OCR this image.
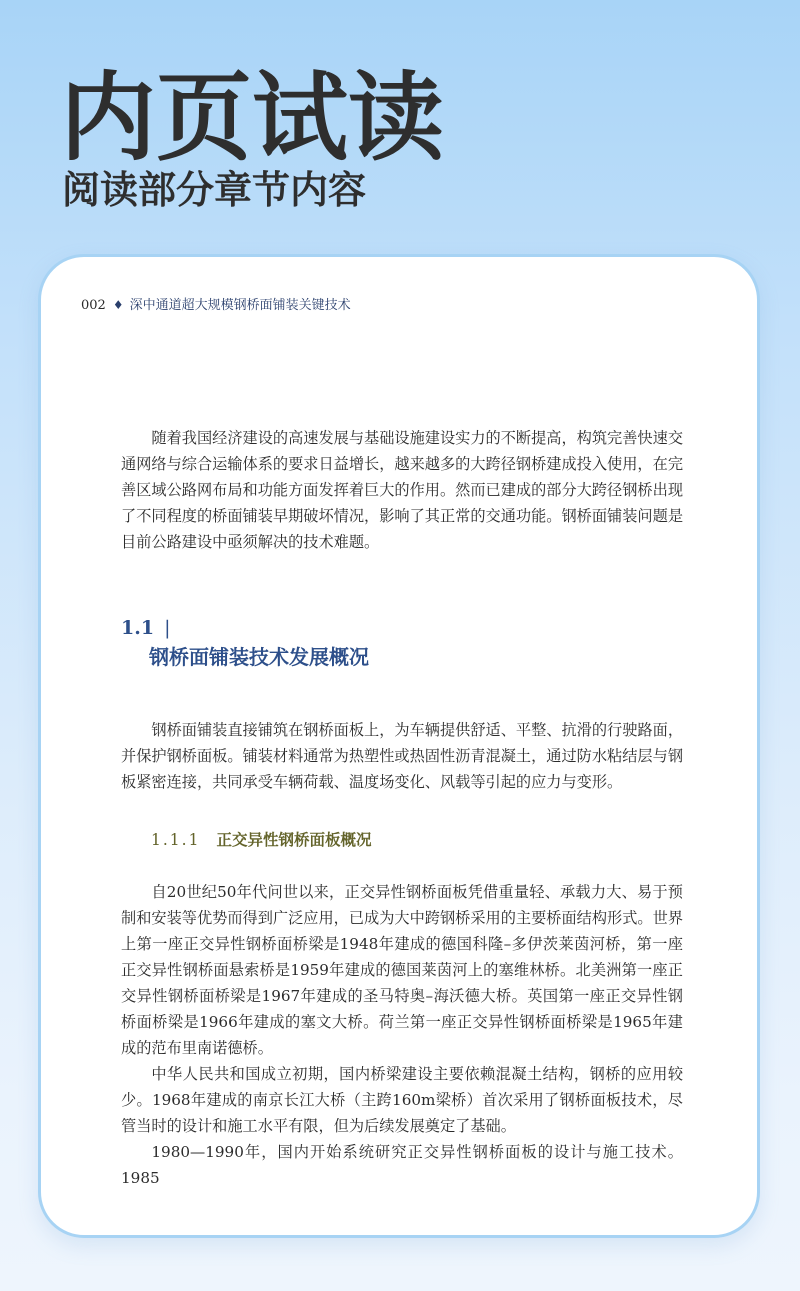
内页试读
阅读部分章节内容
002 ♦ 深中通道超大规模钢桥面铺装关键技术

随着我国经济建设的高速发展与基础设施建设实力的不断提高，构筑完善快速交通网络与综合运输体系的要求日益增长，越来越多的大跨径钢桥建成投入使用，在完善区域公路网布局和功能方面发挥着巨大的作用。然而已建成的部分大跨径钢桥出现了不同程度的桥面铺装早期破坏情况，影响了其正常的交通功能。钢桥面铺装问题是目前公路建设中亟须解决的技术难题。

1.1 |
钢桥面铺装技术发展概况

钢桥面铺装直接铺筑在钢桥面板上，为车辆提供舒适、平整、抗滑的行驶路面，并保护钢桥面板。铺装材料通常为热塑性或热固性沥青混凝土，通过防水粘结层与钢板紧密连接，共同承受车辆荷载、温度场变化、风载等引起的应力与变形。

1.1.1 正交异性钢桥面板概况
自20世纪50年代问世以来，正交异性钢桥面板凭借重量轻、承载力大、易于预制和安装等优势而得到广泛应用，已成为大中跨钢桥采用的主要桥面结构形式。世界上第一座正交异性钢桥面桥梁是1948年建成的德国科隆–多伊茨莱茵河桥，第一座正交异性钢桥面悬索桥是1959年建成的德国莱茵河上的塞维林桥。北美洲第一座正交异性钢桥面桥梁是1967年建成的圣马特奥–海沃德大桥。英国第一座正交异性钢桥面桥梁是1966年建成的塞文大桥。荷兰第一座正交异性钢桥面桥梁是1965年建成的范布里南诺德桥。
中华人民共和国成立初期，国内桥梁建设主要依赖混凝土结构，钢桥的应用较少。1968年建成的南京长江大桥（主跨160m梁桥）首次采用了钢桥面板技术，尽管当时的设计和施工水平有限，但为后续发展奠定了基础。
1980—1990年，国内开始系统研究正交异性钢桥面板的设计与施工技术。1985
